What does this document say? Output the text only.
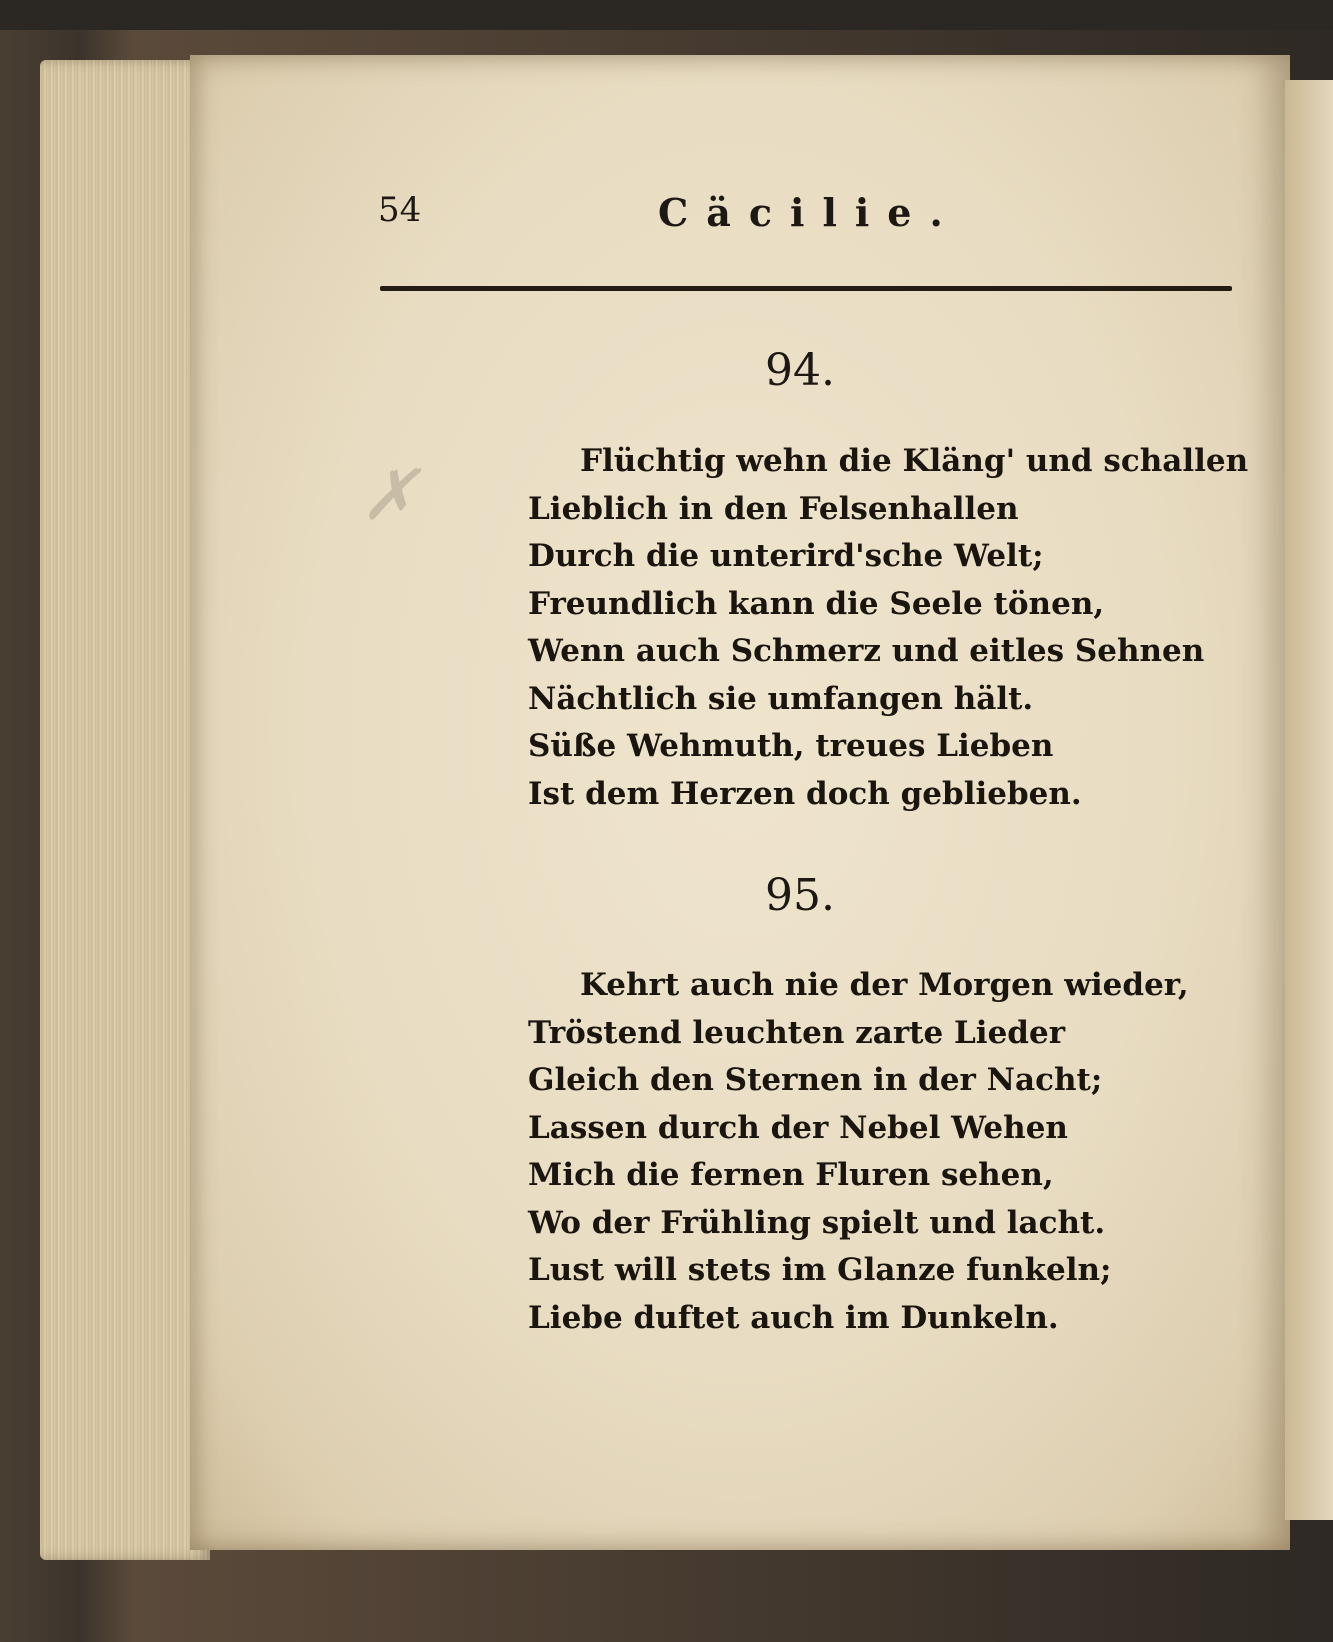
✗
54	Cäcilie.
94.
Flüchtig wehn die Kläng' und schallen
Lieblich in den Felsenhallen
Durch die unterird'sche Welt;
Freundlich kann die Seele tönen,
Wenn auch Schmerz und eitles Sehnen
Nächtlich sie umfangen hält.
Süße Wehmuth, treues Lieben
Ist dem Herzen doch geblieben.
95.
Kehrt auch nie der Morgen wieder,
Tröstend leuchten zarte Lieder
Gleich den Sternen in der Nacht;
Lassen durch der Nebel Wehen
Mich die fernen Fluren sehen,
Wo der Frühling spielt und lacht.
Lust will stets im Glanze funkeln;
Liebe duftet auch im Dunkeln.
